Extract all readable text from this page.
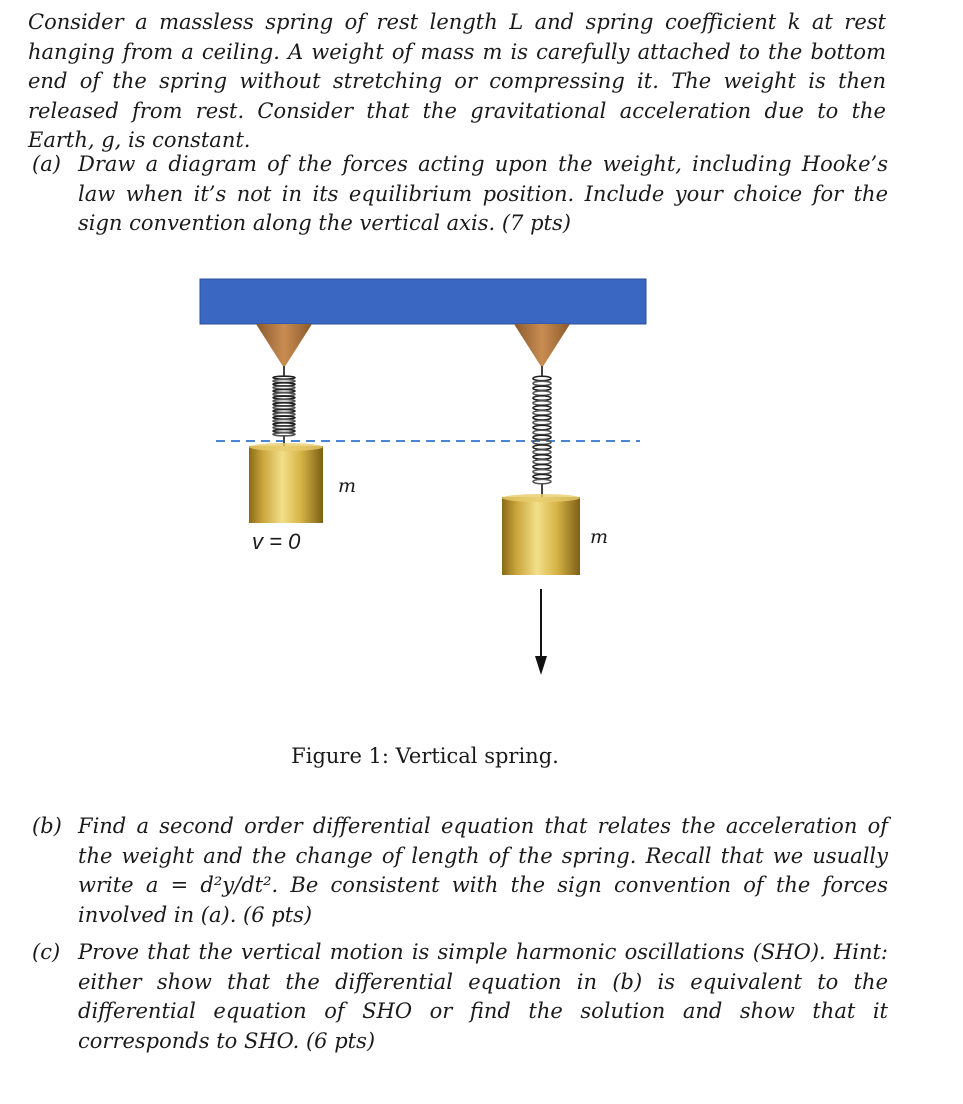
Consider a massless spring of rest length L and spring coefficient k at rest hanging from a ceiling. A weight of mass m is carefully attached to the bottom end of the spring without stretching or compressing it. The weight is then released from rest. Consider that the gravitational acceleration due to the Earth, g, is constant.

(a) Draw a diagram of the forces acting upon the weight, including Hooke’s law when it’s not in its equilibrium position. Include your choice for the sign convention along the vertical axis. (7 pts)
m
v = 0	m
Figure 1: Vertical spring.
(b) Find a second order differential equation that relates the acceleration of the weight and the change of length of the spring. Recall that we usually write a = d²y/dt². Be consistent with the sign convention of the forces involved in (a). (6 pts)
(c) Prove that the vertical motion is simple harmonic oscillations (SHO). Hint: either show that the differential equation in (b) is equivalent to the differential equation of SHO or find the solution and show that it corresponds to SHO. (6 pts)
